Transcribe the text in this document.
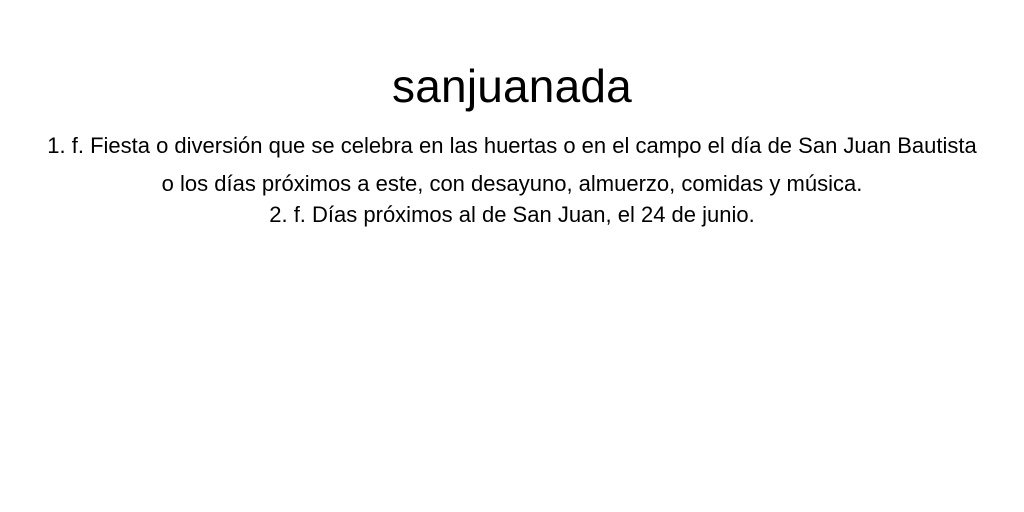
sanjuanada
1. f. Fiesta o diversión que se celebra en las huertas o en el campo el día de San Juan Bautista o los días próximos a este, con desayuno, almuerzo, comidas y música.
2. f. Días próximos al de San Juan, el 24 de junio.
